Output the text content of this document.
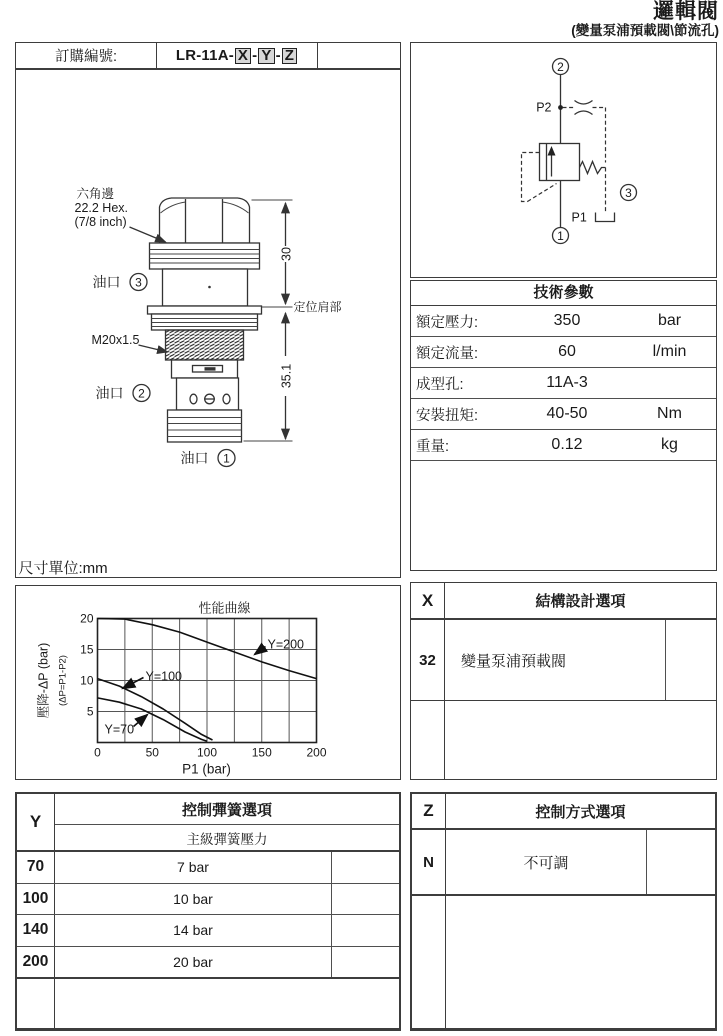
邏輯閥
(變量泵浦預載閥\節流孔)
訂購編號:	LR-11A- X - Y - Z
六角邊
22.2 Hex.
(7/8 inch)
油口 3
M20x1.5
油口 2
油口 1
30
定位肩部
35.1
尺寸單位:mm
2
P2
3
P1
1
技術參數
額定壓力:	350	bar
額定流量:	60	l/min
成型孔:	11A-3
安裝扭矩:	40-50	Nm
重量:	0.12	kg
0	50	100	150	200
5
10
15
20
性能曲線
P1 (bar)
壓降-ΔP (bar) (ΔP=P1-P2)
Y=200
Y=100
Y=70
X	結構設計選項
32	變量泵浦預載閥
Y
控制彈簧選項
主級彈簧壓力
70	7 bar
100	10 bar
140	14 bar
200	20 bar
Z	控制方式選項
N	不可調
